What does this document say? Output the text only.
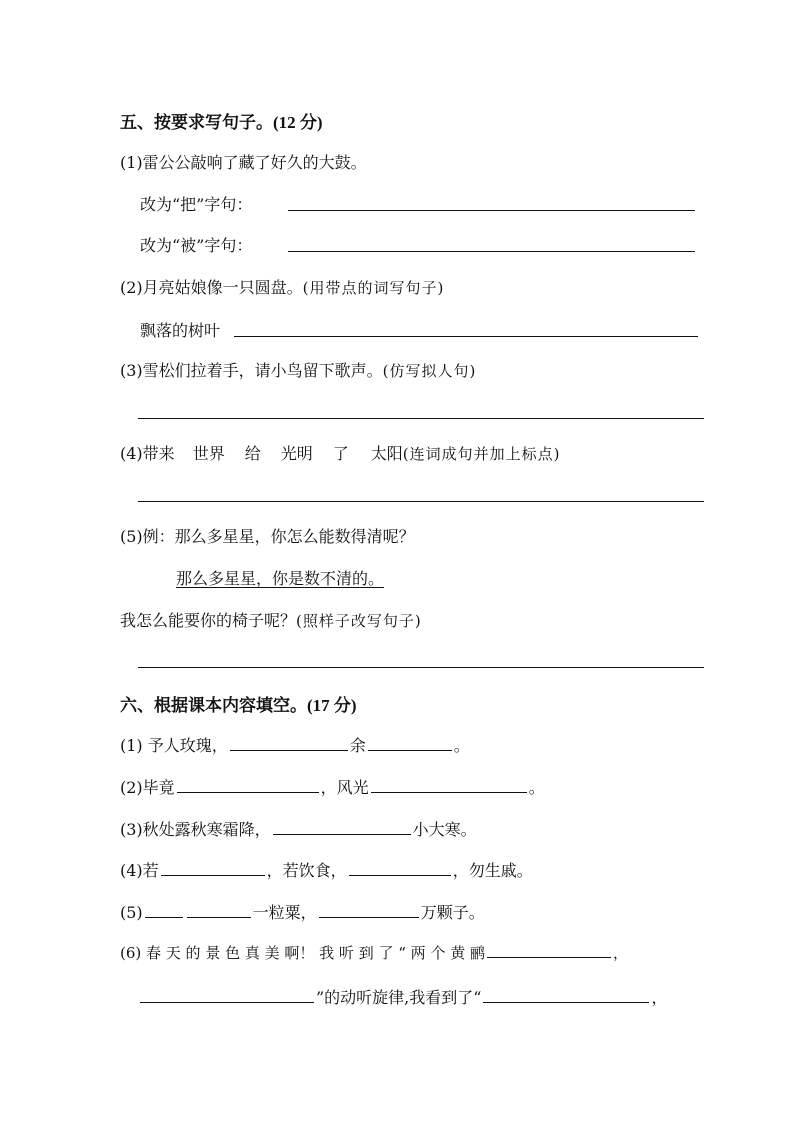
五、按要求写句子。(12 分)
(1)雷公公敲响了藏了好久的大鼓。
改为“把”字句：
改为“被”字句：
(2)月亮姑娘像一只圆盘。(用带点的词写句子)
飘落的树叶
(3)雪松们拉着手，请小鸟留下歌声。(仿写拟人句)
(4)带来 世界 给 光明 了 太阳(连词成句并加上标点)
(5)例：那么多星星，你怎么能数得清呢？
那么多星星，你是数不清的。
我怎么能要你的椅子呢？(照样子改写句子)
六、根据课本内容填空。(17 分)
(1) 予人玫瑰，	余	。
(2)毕竟	，风光	。
(3)秋处露秋寒霜降，	小大寒。
(4)若	，若饮食，	，勿生戚。
(5)	一粒粟，	万颗子。
(6) 春 天 的 景 色 真 美 啊！ 我 听 到 了 “ 两 个 黄 鹂	，
”的动听旋律,我看到了“	，
